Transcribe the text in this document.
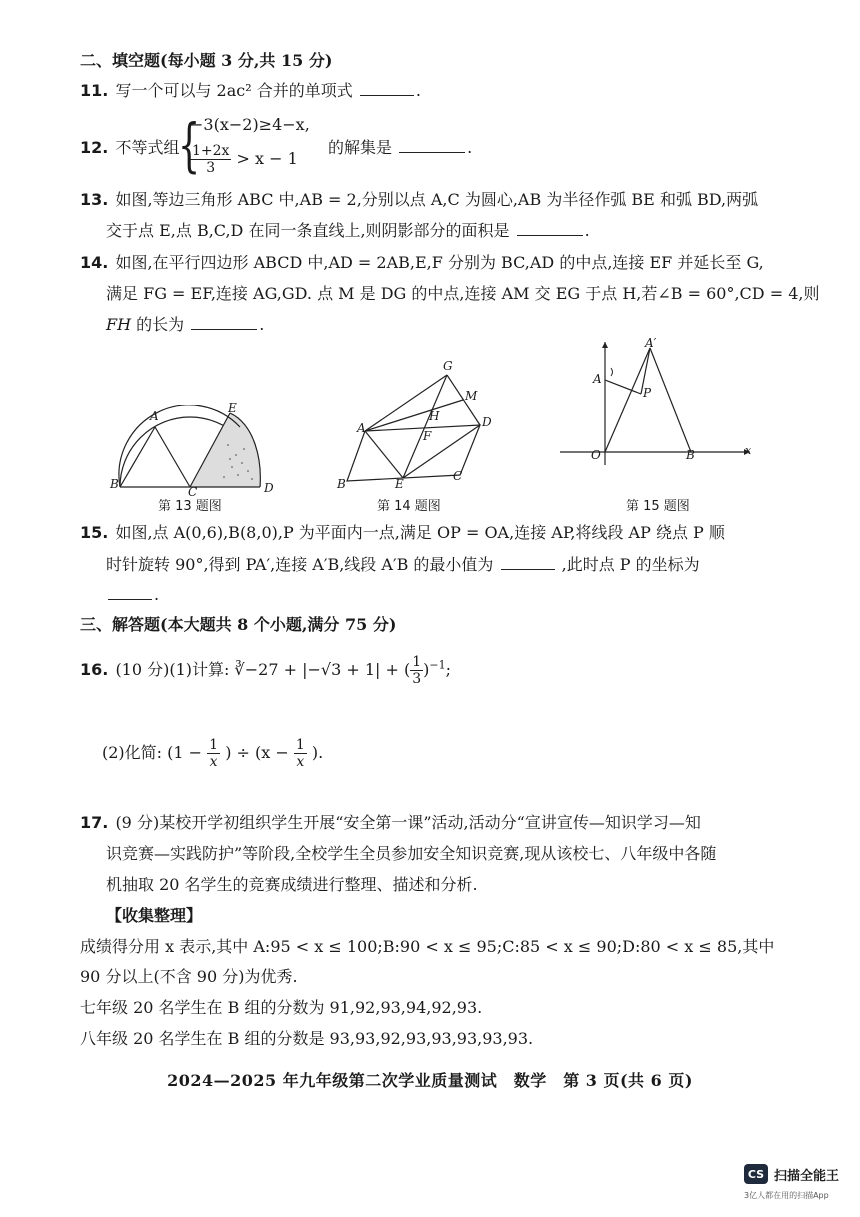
二、填空题(每小题 3 分,共 15 分)
11. 写一个可以与 2ac² 合并的单项式	.
12. 不等式组
{
−3(x−2)≥4−x,
$\frac{1+2x}{3} > x - 1$
的解集是	.
13. 如图,等边三角形 ABC 中,AB = 2,分别以点 A,C 为圆心,AB 为半径作弧 BE 和弧 BD,两弧
交于点 E,点 B,C,D 在同一条直线上,则阴影部分的面积是	.
14. 如图,在平行四边形 ABCD 中,AD = 2AB,E,F 分别为 BC,AD 的中点,连接 EF 并延长至 G,
满足 FG = EF,连接 AG,GD. 点 M 是 DG 的中点,连接 AM 交 EG 于点 H,若∠B = 60°,CD = 4,则
FH 的长为	.
A
E
B
C	D
第 13 题图
G
M
A
H	D
F
B	E
C
第 14 题图
A′
A
P
O	B	x
第 15 题图
15. 如图,点 A(0,6),B(8,0),P 为平面内一点,满足 OP = OA,连接 AP,将线段 AP 绕点 P 顺
时针旋转 90°,得到 PA′,连接 A′B,线段 A′B 的最小值为	,此时点 P 的坐标为
.
三、解答题(本大题共 8 个小题,满分 75 分)
16. (10 分)(1)计算: ∛−27 + |−√3 + 1| + ( $\frac{1}{3} )^{-1}$;
(2)化简: ($1 - \frac{1}{x}$ ) ÷ ($x - \frac{1}{x}$ ).
17. (9 分)某校开学初组织学生开展“安全第一课”活动,活动分“宣讲宣传—知识学习—知
识竞赛—实践防护”等阶段,全校学生全员参加安全知识竞赛,现从该校七、八年级中各随
机抽取 20 名学生的竞赛成绩进行整理、描述和分析.
【收集整理】
成绩得分用 x 表示,其中 A:95 < x ≤ 100;B:90 < x ≤ 95;C:85 < x ≤ 90;D:80 < x ≤ 85,其中
90 分以上(不含 90 分)为优秀.
七年级 20 名学生在 B 组的分数为 91,92,93,94,92,93.
八年级 20 名学生在 B 组的分数是 93,93,92,93,93,93,93,93.
2024—2025 年九年级第二次学业质量测试　数学　第 3 页(共 6 页)
CS 扫描全能王
3亿人都在用的扫描App
